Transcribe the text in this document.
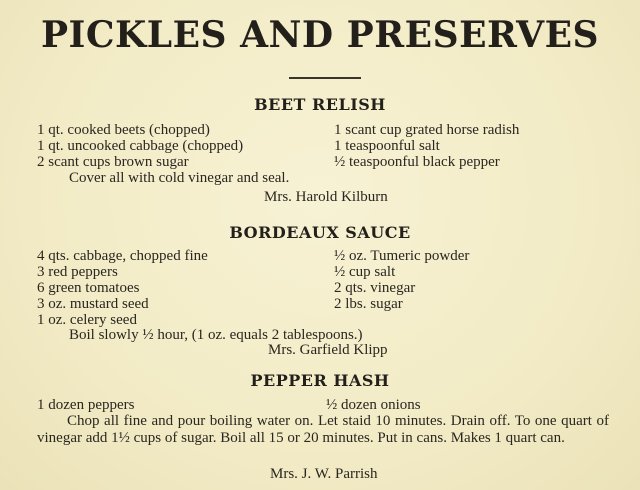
PICKLES AND PRESERVES
BEET RELISH
1 qt. cooked beets (chopped)
1 qt. uncooked cabbage (chopped)
2 scant cups brown sugar
1 scant cup grated horse radish
1 teaspoonful salt
½ teaspoonful black pepper
Cover all with cold vinegar and seal.
Mrs. Harold Kilburn
BORDEAUX SAUCE
4 qts. cabbage, chopped fine
3 red peppers
6 green tomatoes
3 oz. mustard seed
1 oz. celery seed
½ oz. Tumeric powder
½ cup salt
2 qts. vinegar
2 lbs. sugar
Boil slowly ½ hour, (1 oz. equals 2 tablespoons.)
Mrs. Garfield Klipp
PEPPER HASH
1 dozen peppers	½ dozen onions
Chop all fine and pour boiling water on. Let staid 10 minutes. Drain off. To one quart of vinegar add 1½ cups of sugar. Boil all 15 or 20 minutes. Put in cans. Makes 1 quart can.
Mrs. J. W. Parrish
